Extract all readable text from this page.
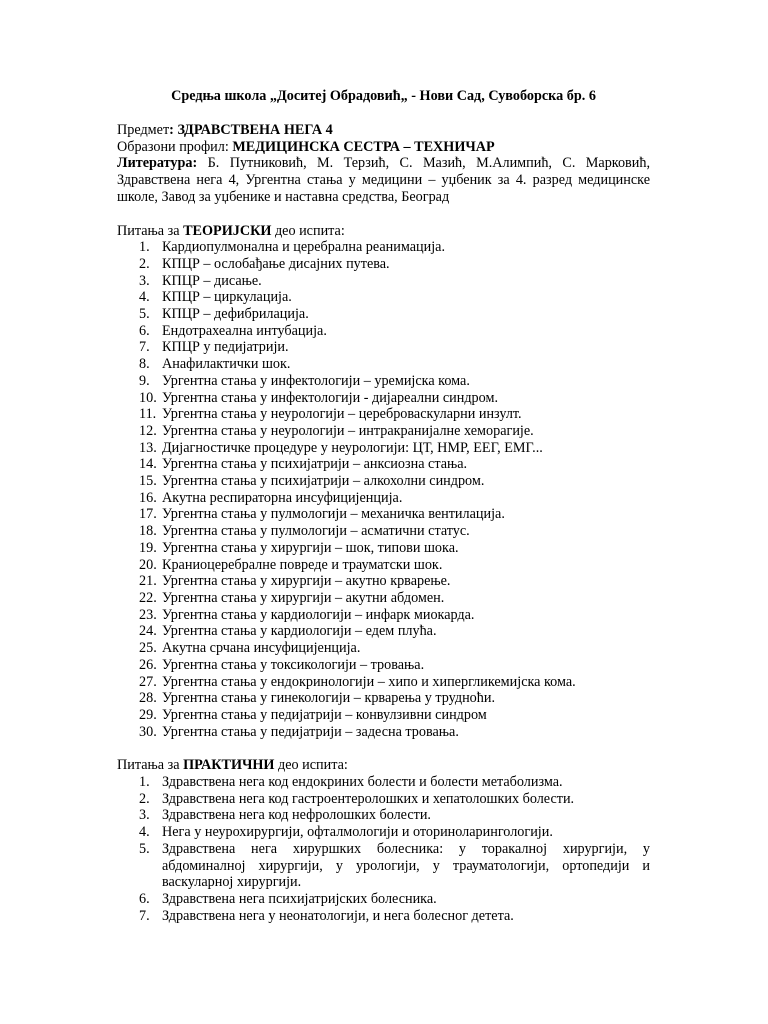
Средња школа „Доситеј Обрадовић„ - Нови Сад, Сувоборска бр. 6
Предмет: ЗДРАВСТВЕНА НЕГА 4
Образони профил: МЕДИЦИНСКА СЕСТРА – ТЕХНИЧАР
Литература: Б. Путниковић, М. Терзић, С. Мазић, М.Алимпић, С. Марковић, Здравствена нега 4, Ургентна стања у медицини – уџбеник за 4. разред медицинске школе, Завод за уџбенике и наставна средства, Београд
Питања за ТЕОРИЈСКИ део испита:
1. Кардиопулмонална и церебрална реанимација.
2. КПЦР – ослобађање дисајних путева.
3. КПЦР – дисање.
4. КПЦР – циркулација.
5. КПЦР – дефибрилација.
6. Ендотрахеална интубација.
7. КПЦР у педијатрији.
8. Анафилактички шок.
9. Ургентна стања у инфектологији – уремијска кома.
10. Ургентна стања у инфектологији - дијареални синдром.
11. Ургентна стања у неурологији – цереброваскуларни инзулт.
12. Ургентна стања у неурологији – интракранијалне хеморагије.
13. Дијагностичке процедуре у неурологији: ЦТ, НМР, ЕЕГ, ЕМГ...
14. Ургентна стања у психијатрији – анксиозна стања.
15. Ургентна стања у психијатрији – алкохолни синдром.
16. Акутна респираторна инсуфицијенција.
17. Ургентна стања у пулмологији – механичка вентилација.
18. Ургентна стања у пулмологији – асматични статус.
19. Ургентна стања у хирургији – шок, типови шока.
20. Краниоцеребралне повреде и трауматски шок.
21. Ургентна стања у хирургији – акутно крварење.
22. Ургентна стања у хирургији – акутни абдомен.
23. Ургентна стања у кардиологији – инфарк миокарда.
24. Ургентна стања у кардиологији – едем плућа.
25. Акутна срчана инсуфицијенција.
26. Ургентна стања у токсикологији – тровања.
27. Ургентна стања у ендокринологији – хипо и хипергликемијска кома.
28. Ургентна стања у гинекологији – крварења у трудноћи.
29. Ургентна стања у педијатрији – конвулзивни синдром
30. Ургентна стања у педијатрији – задесна тровања.
Питања за ПРАКТИЧНИ део испита:
1. Здравствена нега код ендокриних болести и болести метаболизма.
2. Здравствена нега код гастроентеролошких и хепатолошких болести.
3. Здравствена нега код нефролошких болести.
4. Нега у неурохирургији, офталмологији и оториноларингологији.
5. Здравствена нега хируршких болесника: у торакалној хирургији, у абдоминалној хирургији, у урологији, у трауматологији, ортопедији и васкуларној хирургији.
6. Здравствена нега психијатријских болесника.
7. Здравствена нега у неонатологији, и нега болесног детета.
